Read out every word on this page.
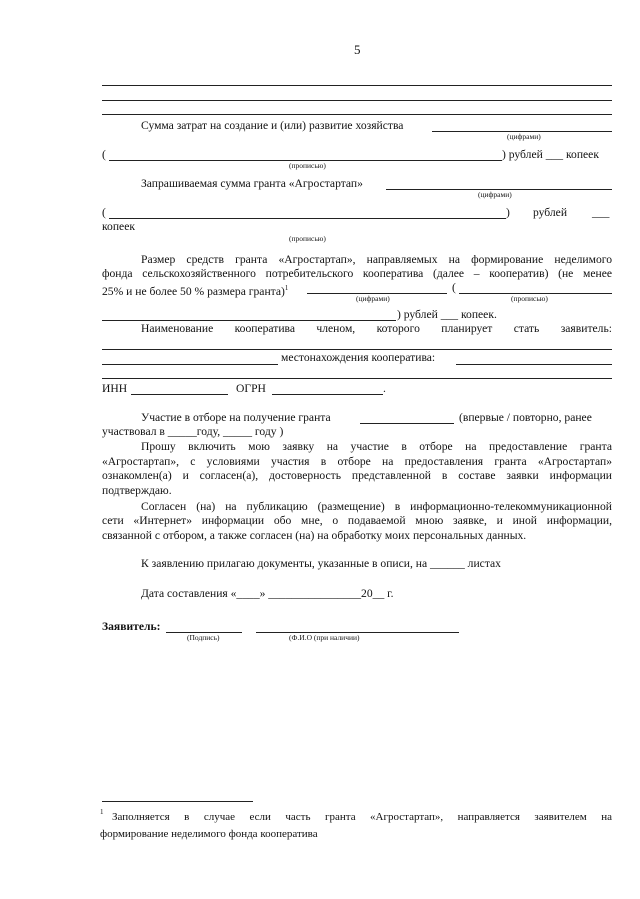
5
Сумма затрат на создание и (или) развитие хозяйства
(цифрами)
(	) рублей ___ копеек
(прописью)
Запрашиваемая сумма гранта «Агростартап»
(цифрами)
(	) рублей ___
копеек
(прописью)
Размер средств гранта «Агростартап», направляемых на формирование неделимого
фонда сельскохозяйственного потребительского кооператива (далее – кооператив) (не менее
25% и не более 50 % размера гранта)$^1$	(
(цифрами)	(прописью)
) рублей ___ копеек.
Наименование кооператива членом, которого планирует стать заявитель:
местонахождения кооператива:
ИНН	ОГРН	.
Участие в отборе на получение гранта	(впервые / повторно, ранее
участвовал в _____году, _____ году )
Прошу включить мою заявку на участие в отборе на предоставление гранта
«Агростартап», с условиями участия в отборе на предоставления гранта «Агростартап»
ознакомлен(а) и согласен(а), достоверность представленной в составе заявки информации
подтверждаю.
Согласен (на) на публикацию (размещение) в информационно-телекоммуникационной
сети «Интернет» информации обо мне, о подаваемой мною заявке, и иной информации,
связанной с отбором, а также согласен (на) на обработку моих персональных данных.
К заявлению прилагаю документы, указанные в описи, на ______ листах
Дата составления «____» ________________20__ г.
Заявитель:
(Подпись)	(Ф.И.О (при наличии)
1 Заполняется в случае если часть гранта «Агростартап», направляется заявителем на
формирование неделимого фонда кооператива
